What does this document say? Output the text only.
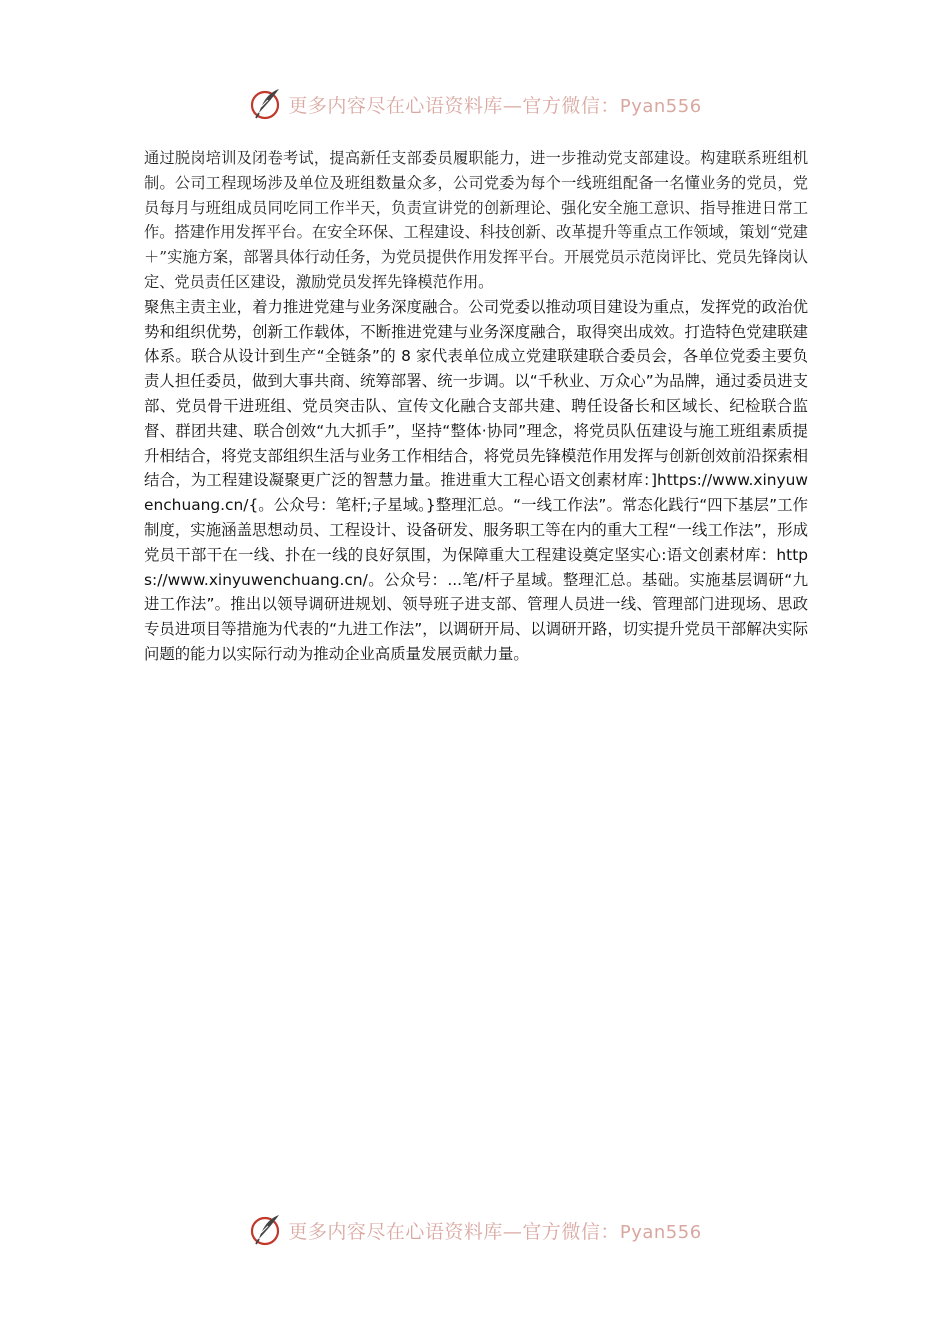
更多内容尽在心语资料库—官方微信：Pyan556

通过脱岗培训及闭卷考试，提高新任支部委员履职能力，进一步推动党支部建设。构建联系班组机制。公司工程现场涉及单位及班组数量众多，公司党委为每个一线班组配备一名懂业务的党员，党员每月与班组成员同吃同工作半天，负责宣讲党的创新理论、强化安全施工意识、指导推进日常工作。搭建作用发挥平台。在安全环保、工程建设、科技创新、改革提升等重点工作领域，策划“党建＋”实施方案，部署具体行动任务，为党员提供作用发挥平台。开展党员示范岗评比、党员先锋岗认定、党员责任区建设，激励党员发挥先锋模范作用。

聚焦主责主业，着力推进党建与业务深度融合。公司党委以推动项目建设为重点，发挥党的政治优势和组织优势，创新工作载体，不断推进党建与业务深度融合，取得突出成效。打造特色党建联建体系。联合从设计到生产“全链条”的 8 家代表单位成立党建联建联合委员会，各单位党委主要负责人担任委员，做到大事共商、统筹部署、统一步调。以“千秋业、万众心”为品牌，通过委员进支部、党员骨干进班组、党员突击队、宣传文化融合支部共建、聘任设备长和区域长、纪检联合监督、群团共建、联合创效“九大抓手”，坚持“整体·协同”理念，将党员队伍建设与施工班组素质提升相结合，将党支部组织生活与业务工作相结合，将党员先锋模范作用发挥与创新创效前沿探索相结合，为工程建设凝聚更广泛的智慧力量。推进重大工程心语文创素材库：]https://www.xinyuwenchuang.cn/{。公众号：笔杆;子星域。}整理汇总。“一线工作法”。常态化践行“四下基层”工作制度，实施涵盖思想动员、工程设计、设备研发、服务职工等在内的重大工程“一线工作法”，形成党员干部干在一线、扑在一线的良好氛围，为保障重大工程建设奠定坚实心:语文创素材库：https://www.xinyuwenchuang.cn/。公众号：...笔/杆子星域。整理汇总。基础。实施基层调研“九进工作法”。推出以领导调研进规划、领导班子进支部、管理人员进一线、管理部门进现场、思政专员进项目等措施为代表的“九进工作法”，以调研开局、以调研开路，切实提升党员干部解决实际问题的能力以实际行动为推动企业高质量发展贡献力量。

更多内容尽在心语资料库—官方微信：Pyan556
